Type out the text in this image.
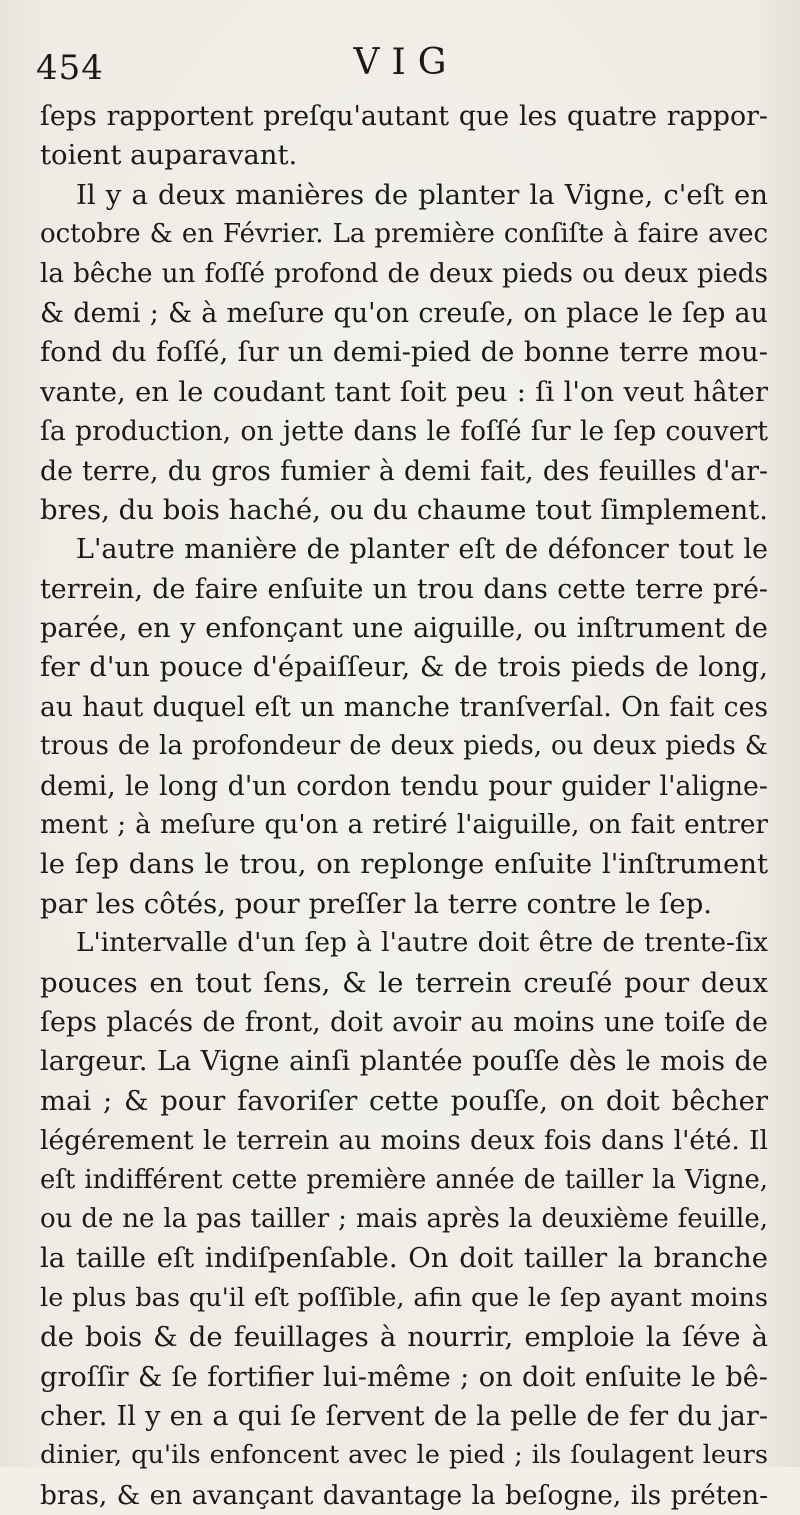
454	VIG
ſeps rapportent preſqu'autant que les quatre rappor-
toient auparavant.
Il y a deux manières de planter la Vigne, c'eſt en
octobre & en Février. La première conſiſte à faire avec
la bêche un foſſé profond de deux pieds ou deux pieds
& demi ; & à meſure qu'on creuſe, on place le ſep au
fond du foſſé, ſur un demi-pied de bonne terre mou-
vante, en le coudant tant ſoit peu : ſi l'on veut hâter
ſa production, on jette dans le foſſé ſur le ſep couvert
de terre, du gros fumier à demi fait, des feuilles d'ar-
bres, du bois haché, ou du chaume tout ſimplement.
L'autre manière de planter eſt de défoncer tout le
terrein, de faire enſuite un trou dans cette terre pré-
parée, en y enfonçant une aiguille, ou inſtrument de
fer d'un pouce d'épaiſſeur, & de trois pieds de long,
au haut duquel eſt un manche tranſverſal. On fait ces
trous de la profondeur de deux pieds, ou deux pieds &
demi, le long d'un cordon tendu pour guider l'aligne-
ment ; à meſure qu'on a retiré l'aiguille, on fait entrer
le ſep dans le trou, on replonge enſuite l'inſtrument
par les côtés, pour preſſer la terre contre le ſep.
L'intervalle d'un ſep à l'autre doit être de trente-ſix
pouces en tout ſens, & le terrein creuſé pour deux
ſeps placés de front, doit avoir au moins une toiſe de
largeur. La Vigne ainſi plantée pouſſe dès le mois de
mai ; & pour favoriſer cette pouſſe, on doit bêcher
légérement le terrein au moins deux fois dans l'été. Il
eſt indifférent cette première année de tailler la Vigne,
ou de ne la pas tailler ; mais après la deuxième feuille,
la taille eſt indiſpenſable. On doit tailler la branche
le plus bas qu'il eſt poſſible, afin que le ſep ayant moins
de bois & de feuillages à nourrir, emploie la ſéve à
groſſir & ſe fortifier lui-même ; on doit enſuite le bê-
cher. Il y en a qui ſe ſervent de la pelle de fer du jar-
dinier, qu'ils enfoncent avec le pied ; ils ſoulagent leurs
bras, & en avançant davantage la beſogne, ils préten-
